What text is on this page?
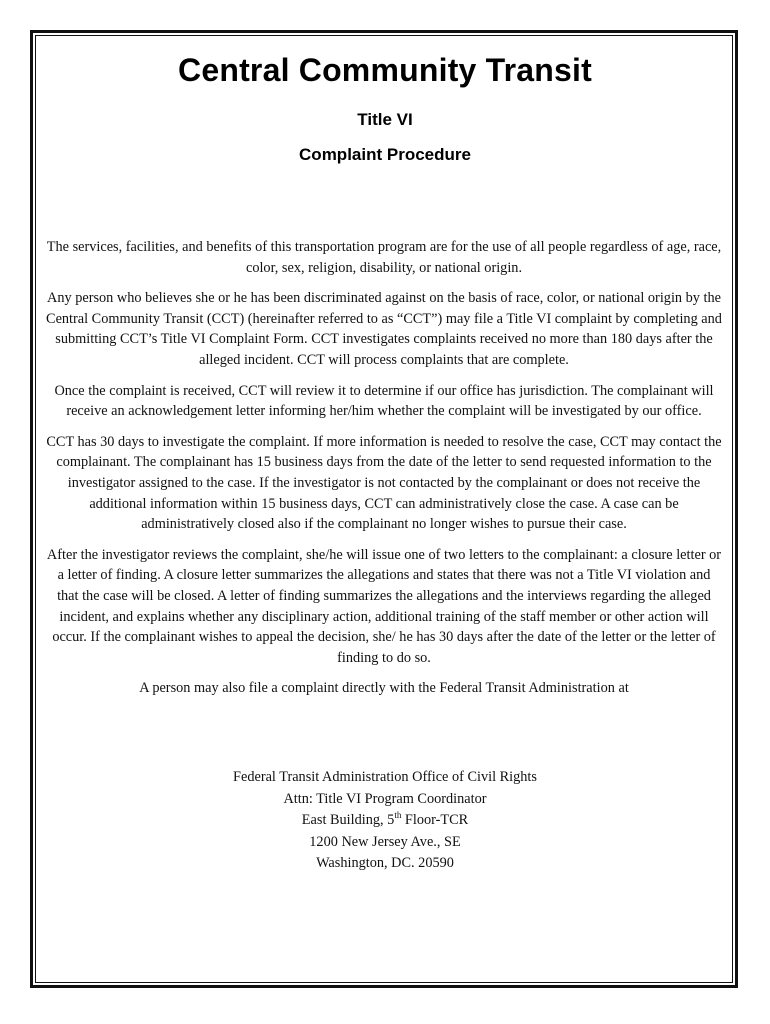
Central Community Transit
Title VI
Complaint Procedure

The services, facilities, and benefits of this transportation program are for the use of all people regardless of age, race, color, sex, religion, disability, or national origin.

Any person who believes she or he has been discriminated against on the basis of race, color, or national origin by the Central Community Transit (CCT) (hereinafter referred to as “CCT”) may file a Title VI complaint by completing and submitting CCT’s Title VI Complaint Form. CCT investigates complaints received no more than 180 days after the alleged incident. CCT will process complaints that are complete.

Once the complaint is received, CCT will review it to determine if our office has jurisdiction. The complainant will receive an acknowledgement letter informing her/him whether the complaint will be investigated by our office.

CCT has 30 days to investigate the complaint. If more information is needed to resolve the case, CCT may contact the complainant. The complainant has 15 business days from the date of the letter to send requested information to the investigator assigned to the case. If the investigator is not contacted by the complainant or does not receive the additional information within 15 business days, CCT can administratively close the case. A case can be administratively closed also if the complainant no longer wishes to pursue their case.

After the investigator reviews the complaint, she/he will issue one of two letters to the complainant: a closure letter or a letter of finding. A closure letter summarizes the allegations and states that there was not a Title VI violation and that the case will be closed. A letter of finding summarizes the allegations and the interviews regarding the alleged incident, and explains whether any disciplinary action, additional training of the staff member or other action will occur. If the complainant wishes to appeal the decision, she/ he has 30 days after the date of the letter or the letter of finding to do so.

A person may also file a complaint directly with the Federal Transit Administration at

Federal Transit Administration Office of Civil Rights
Attn: Title VI Program Coordinator
East Building, 5th Floor-TCR
1200 New Jersey Ave., SE
Washington, DC. 20590
